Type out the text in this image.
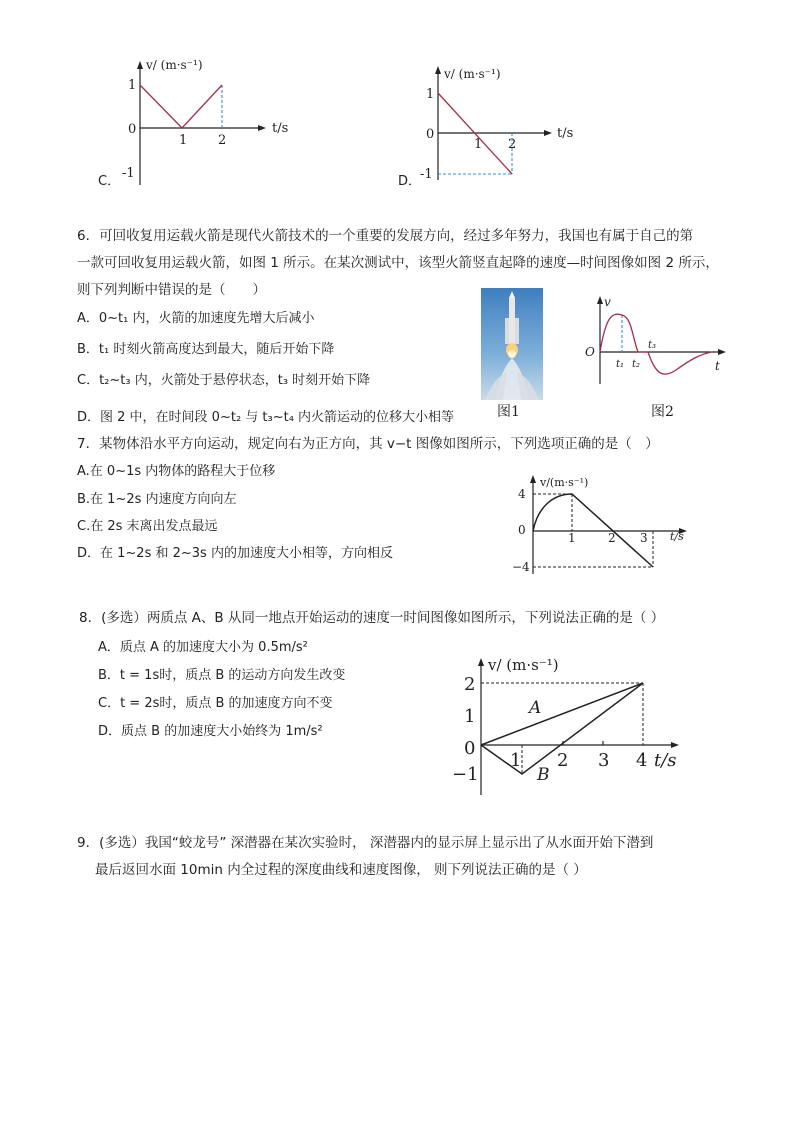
C．
v/ (m·s⁻¹)
t/s
1
0
-1
1 2
D．
v/ (m·s⁻¹)
t/s
1
0
-1
1 2
6．可回收复用运载火箭是现代火箭技术的一个重要的发展方向，经过多年努力，我国也有属于自己的第
一款可回收复用运载火箭，如图 1 所示。在某次测试中，该型火箭竖直起降的速度—时间图像如图 2 所示，
则下列判断中错误的是（　　）
A．0~t₁ 内，火箭的加速度先增大后减小
B．t₁ 时刻火箭高度达到最大，随后开始下降
C．t₂~t₃ 内，火箭处于悬停状态，t₃ 时刻开始下降
D．图 2 中，在时间段 0~t₂ 与 t₃~t₄ 内火箭运动的位移大小相等	图1
v
O
t
t₁ t₂
t₃
图2
7．某物体沿水平方向运动，规定向右为正方向，其 v−t 图像如图所示，下列选项正确的是（　）
A.在 0~1s 内物体的路程大于位移
B.在 1~2s 内速度方向向左
C.在 2s 末离出发点最远
D．在 1~2s 和 2~3s 内的加速度大小相等，方向相反
v/(m·s⁻¹)
t/s
4
0
−4
1	2 3
8．(多选）两质点 A、B 从同一地点开始运动的速度一时间图像如图所示，下列说法正确的是（ ）
A．质点 A 的加速度大小为 0.5m/s²
B．t = 1s时，质点 B 的运动方向发生改变
C．t = 2s时，质点 B 的加速度方向不变
D．质点 B 的加速度大小始终为 1m/s²
v/ (m·s⁻¹)
t/s
2
1
0
−1
1 2 3 4
A
B
9．(多选）我国“蛟龙号” 深潜器在某次实验时， 深潜器内的显示屏上显示出了从水面开始下潜到
最后返回水面 10min 内全过程的深度曲线和速度图像， 则下列说法正确的是（ ）
